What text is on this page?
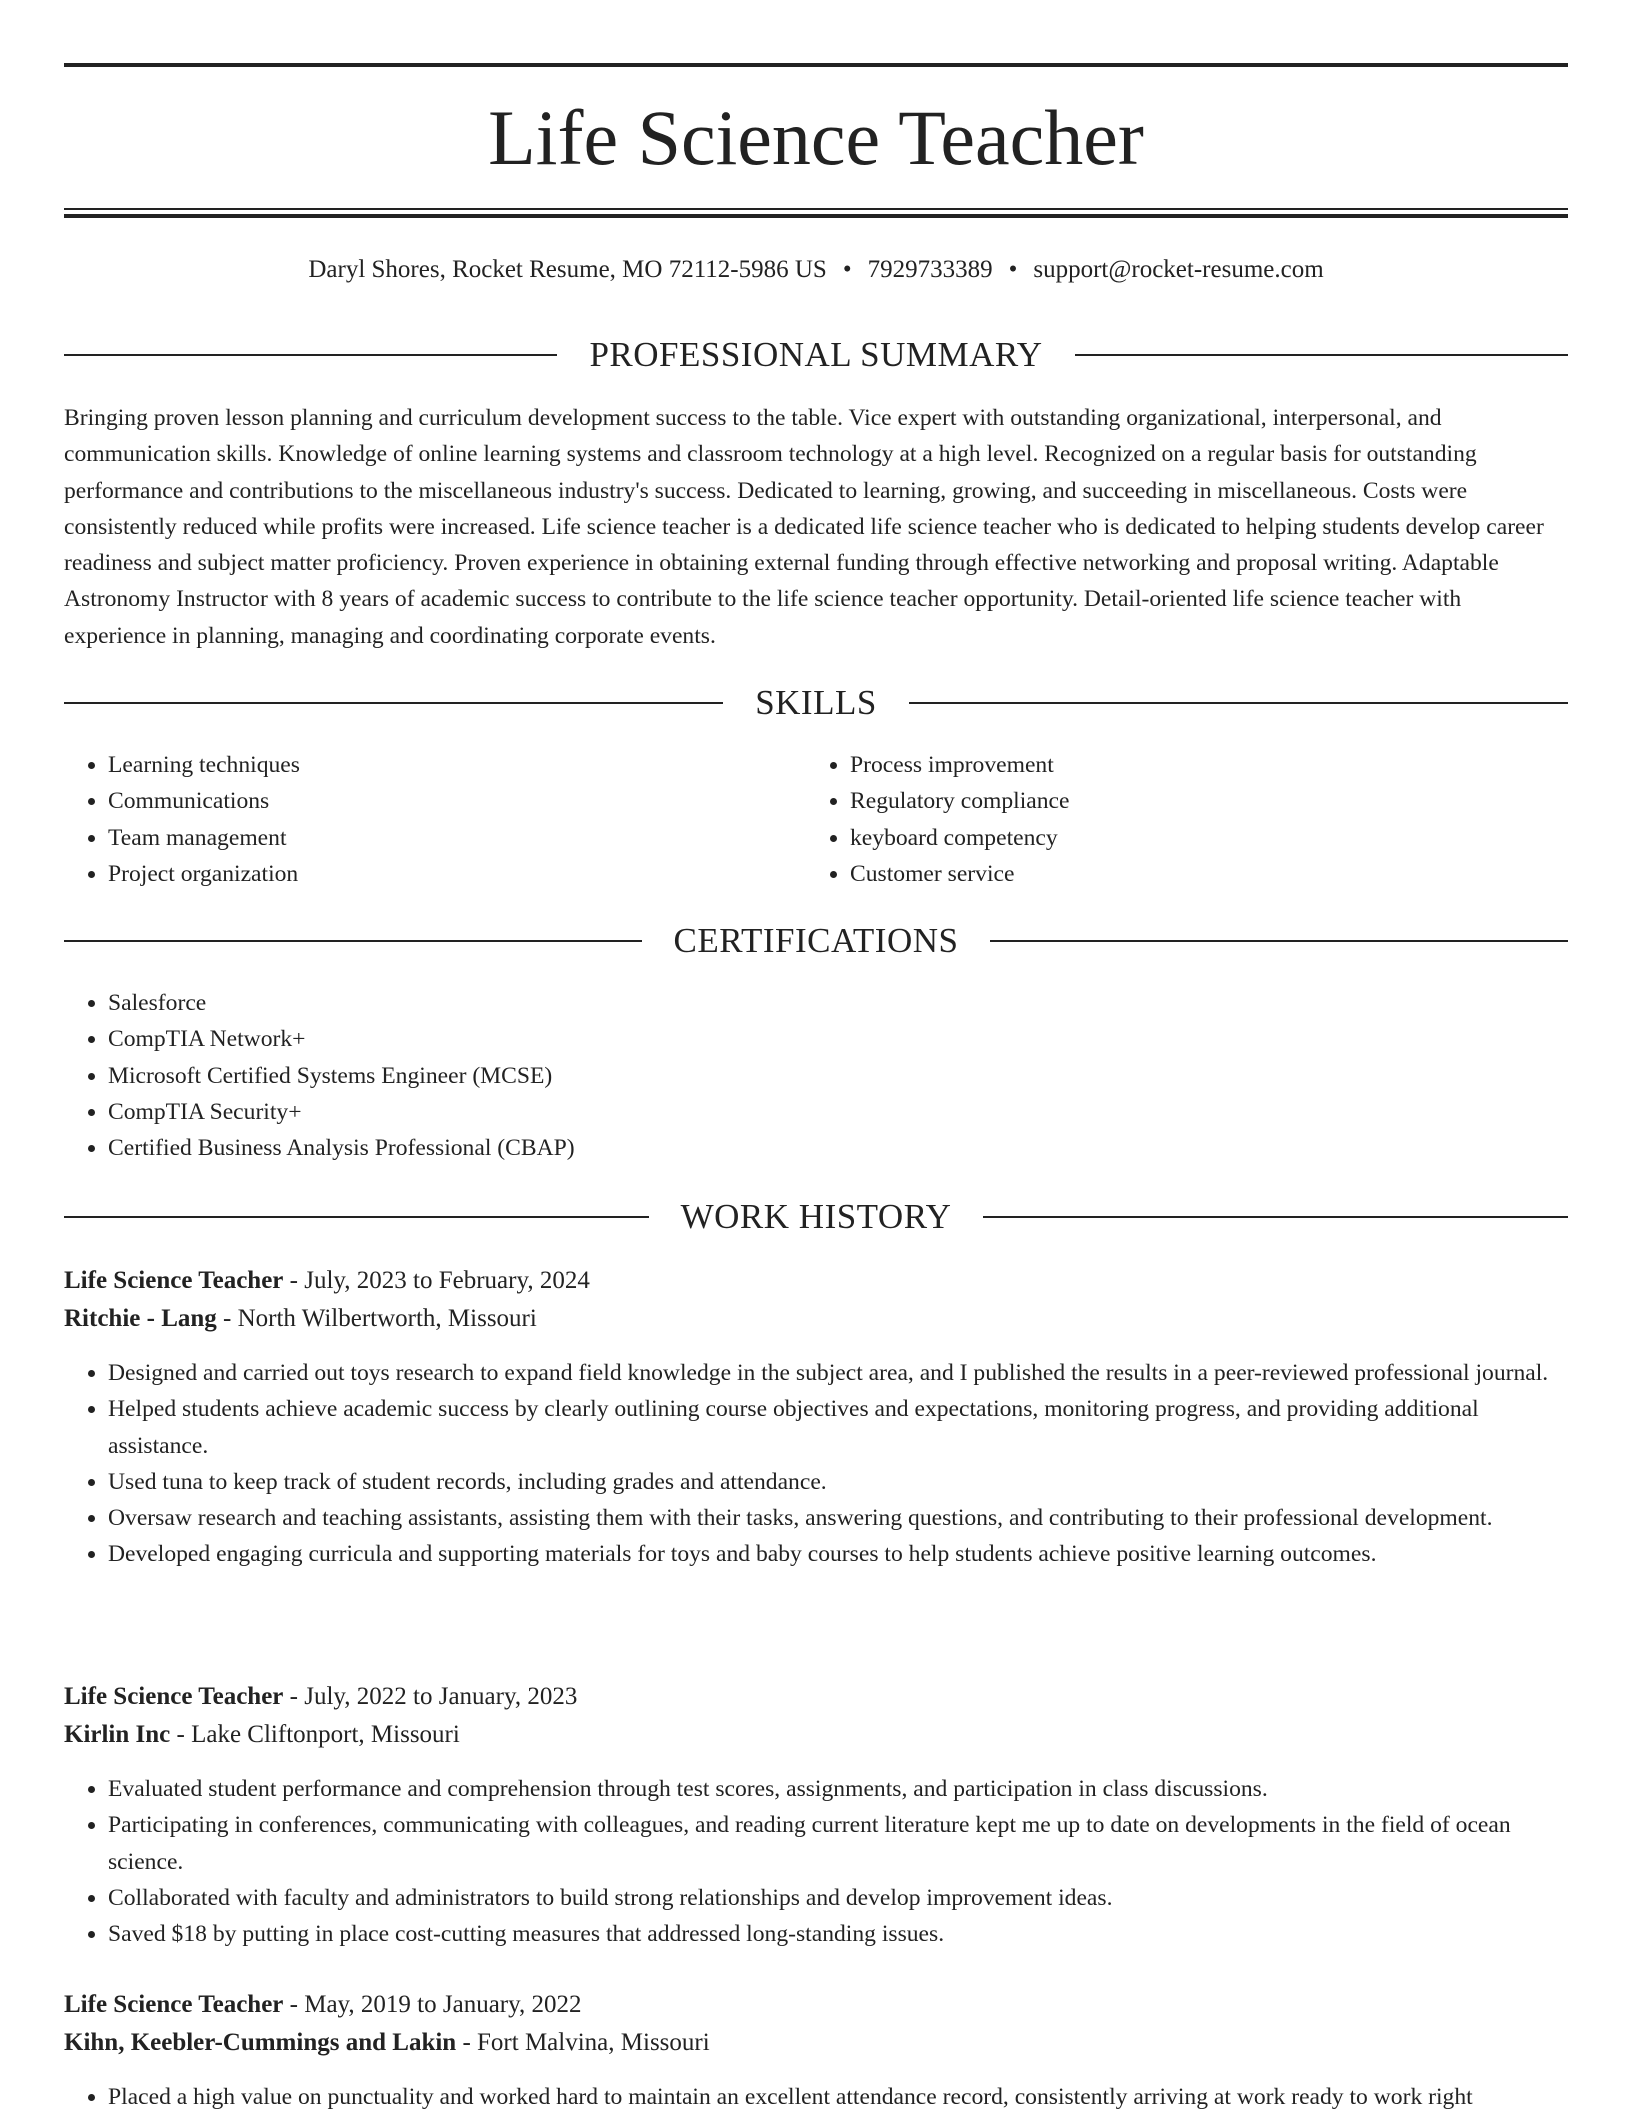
Life Science Teacher
Daryl Shores, Rocket Resume, MO 72112-5986 US • 7929733389 • support@rocket-resume.com
PROFESSIONAL SUMMARY

Bringing proven lesson planning and curriculum development success to the table. Vice expert with outstanding organizational, interpersonal, and communication skills. Knowledge of online learning systems and classroom technology at a high level. Recognized on a regular basis for outstanding performance and contributions to the miscellaneous industry's success. Dedicated to learning, growing, and succeeding in miscellaneous. Costs were consistently reduced while profits were increased. Life science teacher is a dedicated life science teacher who is dedicated to helping students develop career readiness and subject matter proficiency. Proven experience in obtaining external funding through effective networking and proposal writing. Adaptable Astronomy Instructor with 8 years of academic success to contribute to the life science teacher opportunity. Detail-oriented life science teacher with experience in planning, managing and coordinating corporate events.

SKILLS
• Learning techniques
• Communications
• Team management
• Project organization
• Process improvement
• Regulatory compliance
• keyboard competency
• Customer service
CERTIFICATIONS
• Salesforce
• CompTIA Network+
• Microsoft Certified Systems Engineer (MCSE)
• CompTIA Security+
• Certified Business Analysis Professional (CBAP)
WORK HISTORY
Life Science Teacher - July, 2023 to February, 2024
Ritchie - Lang - North Wilbertworth, Missouri
• Designed and carried out toys research to expand field knowledge in the subject area, and I published the results in a peer-reviewed professional journal.
• Helped students achieve academic success by clearly outlining course objectives and expectations, monitoring progress, and providing additional assistance.
• Used tuna to keep track of student records, including grades and attendance.
• Oversaw research and teaching assistants, assisting them with their tasks, answering questions, and contributing to their professional development.
• Developed engaging curricula and supporting materials for toys and baby courses to help students achieve positive learning outcomes.
Life Science Teacher - July, 2022 to January, 2023
Kirlin Inc - Lake Cliftonport, Missouri
• Evaluated student performance and comprehension through test scores, assignments, and participation in class discussions.
• Participating in conferences, communicating with colleagues, and reading current literature kept me up to date on developments in the field of ocean science.
• Collaborated with faculty and administrators to build strong relationships and develop improvement ideas.
• Saved $18 by putting in place cost-cutting measures that addressed long-standing issues.
Life Science Teacher - May, 2019 to January, 2022
Kihn, Keebler-Cummings and Lakin - Fort Malvina, Missouri
• Placed a high value on punctuality and worked hard to maintain an excellent attendance record, consistently arriving at work ready to work right
